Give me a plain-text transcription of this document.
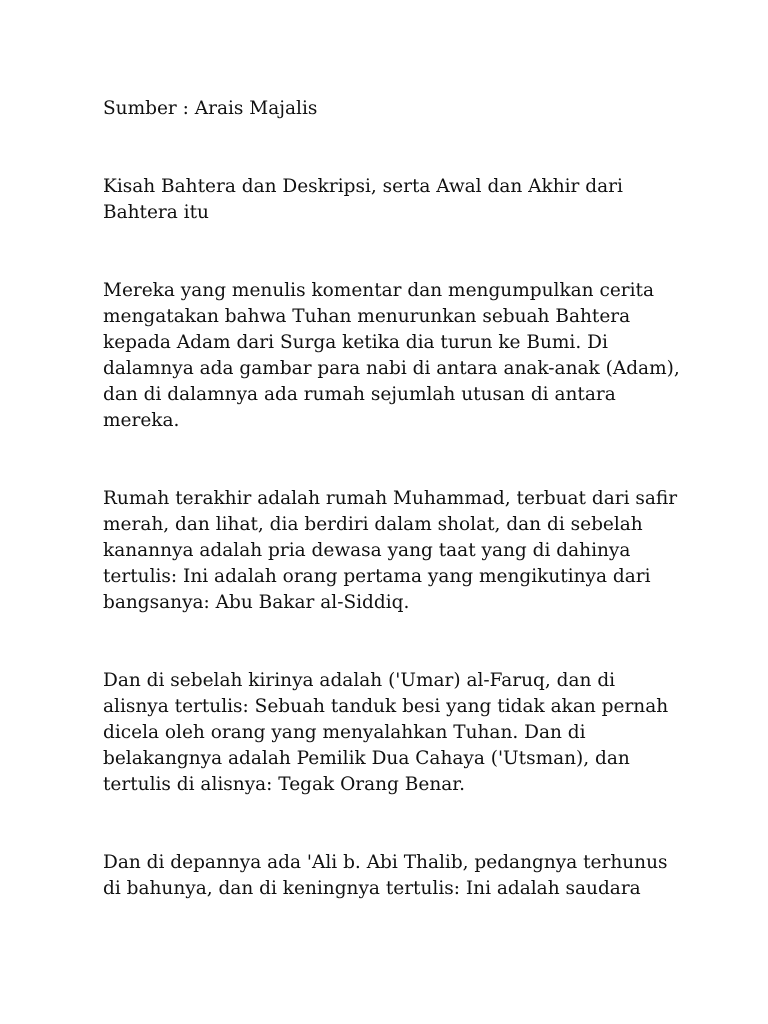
Sumber : Arais Majalis

Kisah Bahtera dan Deskripsi, serta Awal dan Akhir dari Bahtera itu

Mereka yang menulis komentar dan mengumpulkan cerita mengatakan bahwa Tuhan menurunkan sebuah Bahtera kepada Adam dari Surga ketika dia turun ke Bumi. Di dalamnya ada gambar para nabi di antara anak-anak (Adam), dan di dalamnya ada rumah sejumlah utusan di antara mereka.

Rumah terakhir adalah rumah Muhammad, terbuat dari safir merah, dan lihat, dia berdiri dalam sholat, dan di sebelah kanannya adalah pria dewasa yang taat yang di dahinya tertulis: Ini adalah orang pertama yang mengikutinya dari bangsanya: Abu Bakar al-Siddiq.

Dan di sebelah kirinya adalah ('Umar) al-Faruq, dan di alisnya tertulis: Sebuah tanduk besi yang tidak akan pernah dicela oleh orang yang menyalahkan Tuhan. Dan di belakangnya adalah Pemilik Dua Cahaya ('Utsman), dan tertulis di alisnya: Tegak Orang Benar.

Dan di depannya ada 'Ali b. Abi Thalib, pedangnya terhunus di bahunya, dan di keningnya tertulis: Ini adalah saudara
